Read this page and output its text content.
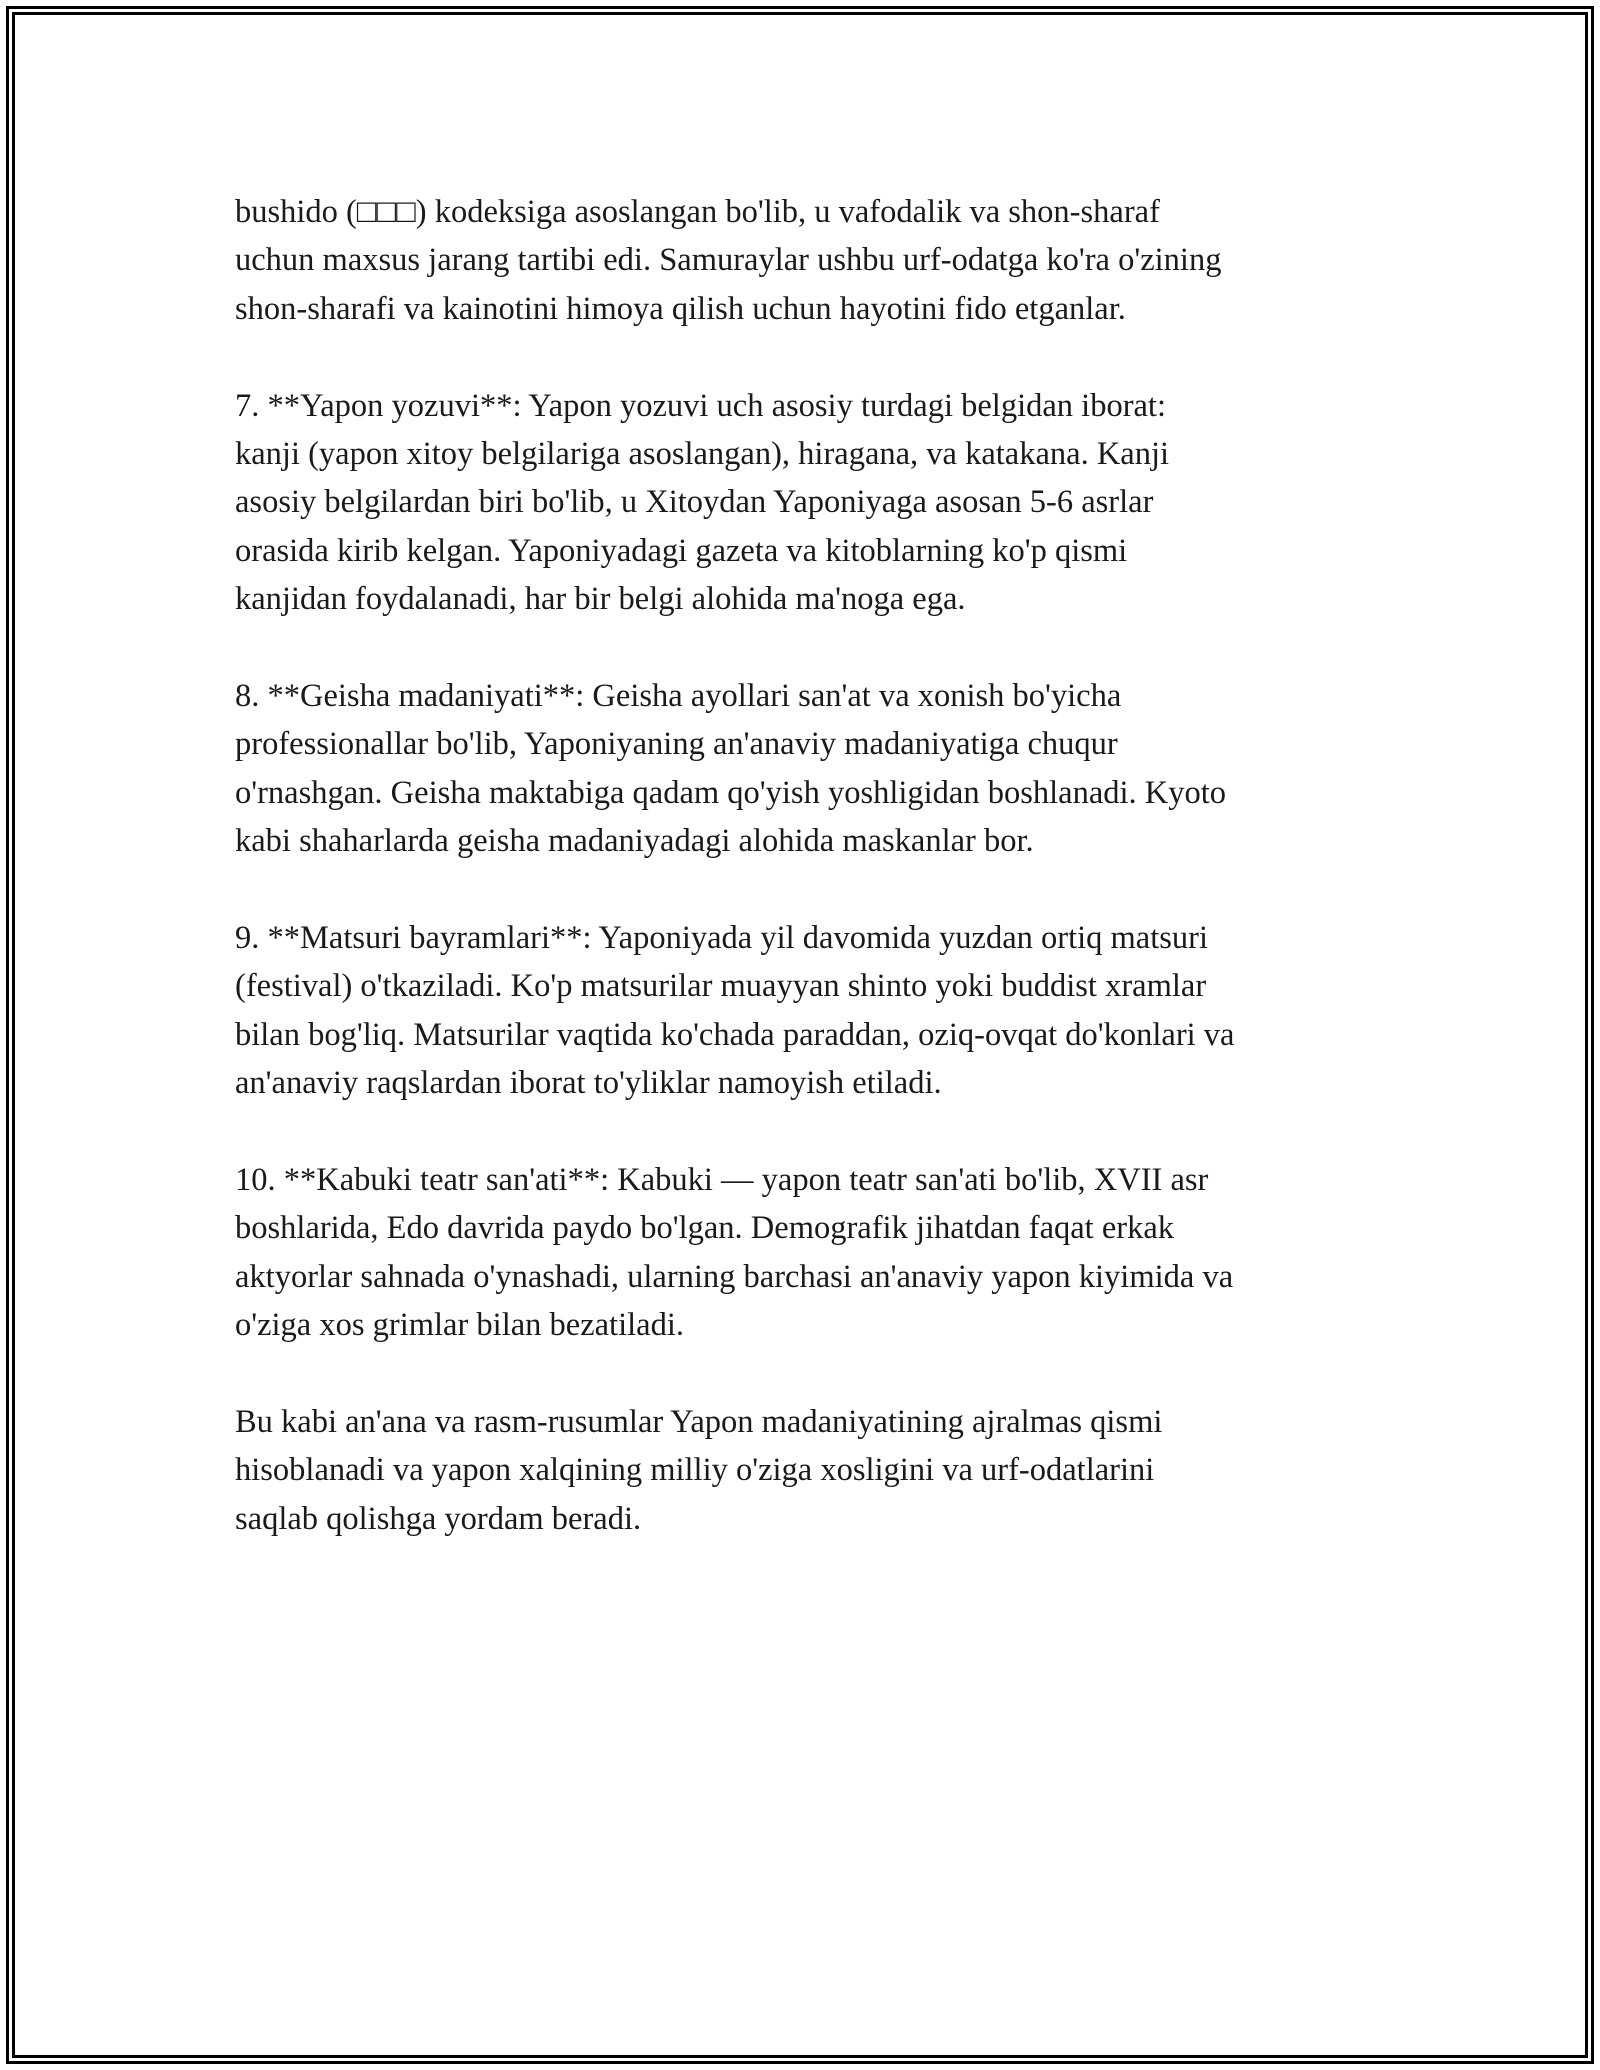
bushido (□□□) kodeksiga asoslangan bo'lib, u vafodalik va shon-sharaf
uchun maxsus jarang tartibi edi. Samuraylar ushbu urf-odatga ko'ra o'zining
shon-sharafi va kainotini himoya qilish uchun hayotini fido etganlar.

7. **Yapon yozuvi**: Yapon yozuvi uch asosiy turdagi belgidan iborat:
kanji (yapon xitoy belgilariga asoslangan), hiragana, va katakana. Kanji
asosiy belgilardan biri bo'lib, u Xitoydan Yaponiyaga asosan 5-6 asrlar
orasida kirib kelgan. Yaponiyadagi gazeta va kitoblarning ko'p qismi
kanjidan foydalanadi, har bir belgi alohida ma'noga ega.

8. **Geisha madaniyati**: Geisha ayollari san'at va xonish bo'yicha
professionallar bo'lib, Yaponiyaning an'anaviy madaniyatiga chuqur
o'rnashgan. Geisha maktabiga qadam qo'yish yoshligidan boshlanadi. Kyoto
kabi shaharlarda geisha madaniyadagi alohida maskanlar bor.

9. **Matsuri bayramlari**: Yaponiyada yil davomida yuzdan ortiq matsuri
(festival) o'tkaziladi. Ko'p matsurilar muayyan shinto yoki buddist xramlar
bilan bog'liq. Matsurilar vaqtida ko'chada paraddan, oziq-ovqat do'konlari va
an'anaviy raqslardan iborat to'yliklar namoyish etiladi.

10. **Kabuki teatr san'ati**: Kabuki — yapon teatr san'ati bo'lib, XVII asr
boshlarida, Edo davrida paydo bo'lgan. Demografik jihatdan faqat erkak
aktyorlar sahnada o'ynashadi, ularning barchasi an'anaviy yapon kiyimida va
o'ziga xos grimlar bilan bezatiladi.

Bu kabi an'ana va rasm-rusumlar Yapon madaniyatining ajralmas qismi
hisoblanadi va yapon xalqining milliy o'ziga xosligini va urf-odatlarini
saqlab qolishga yordam beradi.
